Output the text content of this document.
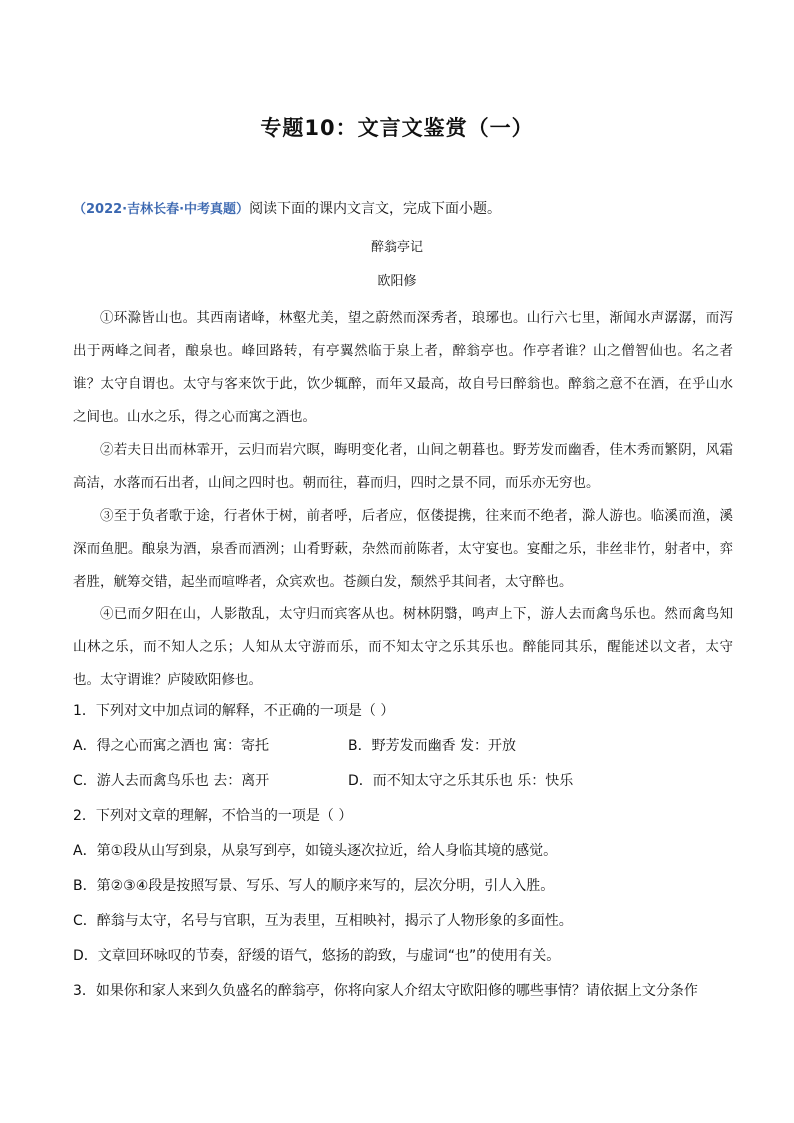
专题10：文言文鉴赏（一）
（2022·吉林长春·中考真题）阅读下面的课内文言文，完成下面小题。
醉翁亭记
欧阳修

①环滁皆山也。其西南诸峰，林壑尤美，望之蔚然而深秀者，琅琊也。山行六七里，渐闻水声潺潺，而泻出于两峰之间者，酿泉也。峰回路转，有亭翼然临于泉上者，醉翁亭也。作亭者谁？山之僧智仙也。名之者谁？太守自谓也。太守与客来饮于此，饮少辄醉，而年又最高，故自号曰醉翁也。醉翁之意不在酒，在乎山水之间也。山水之乐，得之心而寓之酒也。

②若夫日出而林霏开，云归而岩穴暝，晦明变化者，山间之朝暮也。野芳发而幽香，佳木秀而繁阴，风霜高洁，水落而石出者，山间之四时也。朝而往，暮而归，四时之景不同，而乐亦无穷也。

③至于负者歌于途，行者休于树，前者呼，后者应，伛偻提携，往来而不绝者，滁人游也。临溪而渔，溪深而鱼肥。酿泉为酒，泉香而酒洌；山肴野蔌，杂然而前陈者，太守宴也。宴酣之乐，非丝非竹，射者中，弈者胜，觥筹交错，起坐而喧哗者，众宾欢也。苍颜白发，颓然乎其间者，太守醉也。

④已而夕阳在山，人影散乱，太守归而宾客从也。树林阴翳，鸣声上下，游人去而禽鸟乐也。然而禽鸟知山林之乐，而不知人之乐；人知从太守游而乐，而不知太守之乐其乐也。醉能同其乐，醒能述以文者，太守也。太守谓谁？庐陵欧阳修也。

1．下列对文中加点词的解释，不正确的一项是（ ）
A．得之心而寓之酒也 寓：寄托	B．野芳发而幽香 发：开放
C．游人去而禽鸟乐也 去：离开	D．而不知太守之乐其乐也 乐：快乐
2．下列对文章的理解，不恰当的一项是（ ）
A．第①段从山写到泉，从泉写到亭，如镜头逐次拉近，给人身临其境的感觉。
B．第②③④段是按照写景、写乐、写人的顺序来写的，层次分明，引人入胜。
C．醉翁与太守，名号与官职，互为表里，互相映衬，揭示了人物形象的多面性。
D．文章回环咏叹的节奏，舒缓的语气，悠扬的韵致，与虚词“也”的使用有关。
3．如果你和家人来到久负盛名的醉翁亭，你将向家人介绍太守欧阳修的哪些事情？请依据上文分条作
